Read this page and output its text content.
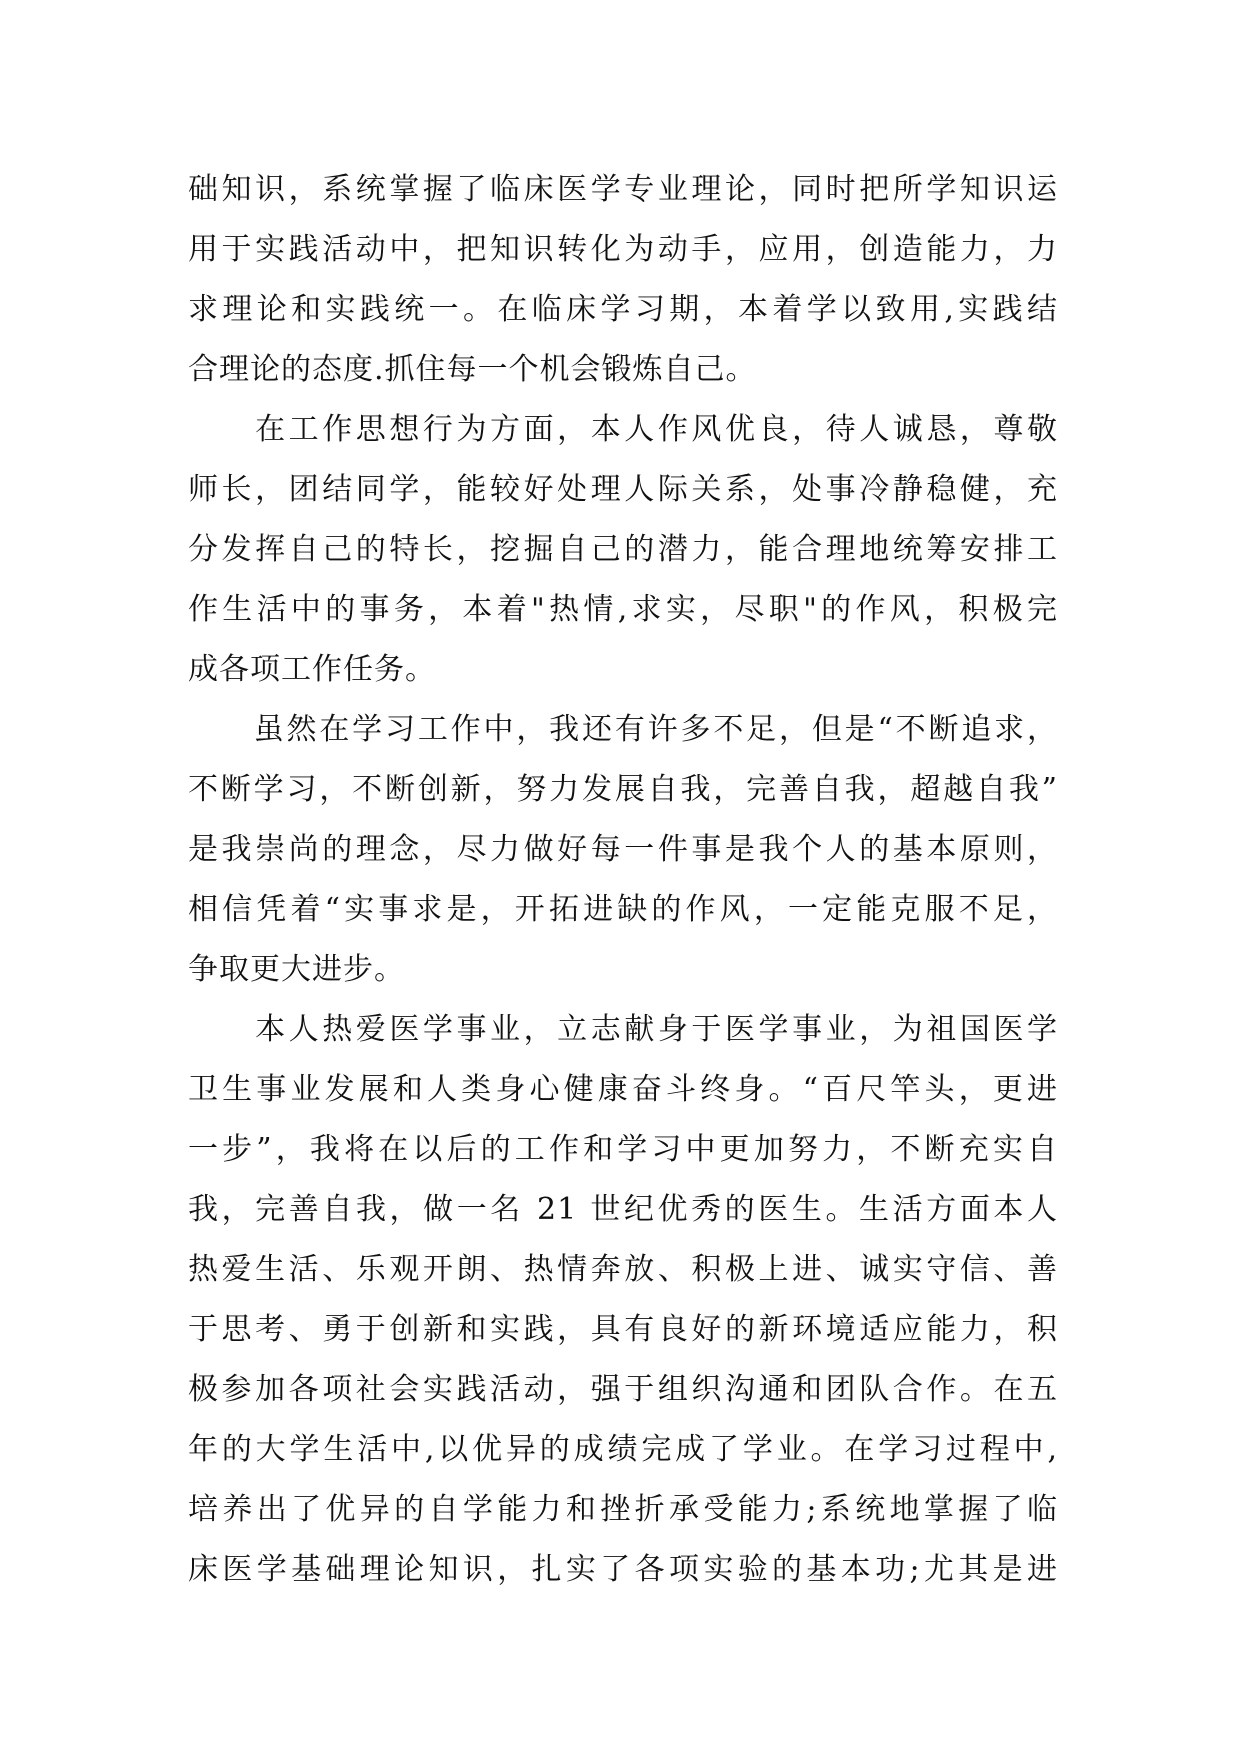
础知识，系统掌握了临床医学专业理论，同时把所学知识运
用于实践活动中，把知识转化为动手，应用，创造能力，力
求理论和实践统一。在临床学习期，本着学以致用,实践结
合理论的态度.抓住每一个机会锻炼自己。
　　在工作思想行为方面，本人作风优良，待人诚恳，尊敬
师长，团结同学，能较好处理人际关系，处事冷静稳健，充
分发挥自己的特长，挖掘自己的潜力，能合理地统筹安排工
作生活中的事务，本着"热情,求实，尽职"的作风，积极完
成各项工作任务。
　　虽然在学习工作中，我还有许多不足，但是“不断追求，
不断学习，不断创新，努力发展自我，完善自我，超越自我”
是我崇尚的理念，尽力做好每一件事是我个人的基本原则，
相信凭着“实事求是，开拓进缺的作风，一定能克服不足，
争取更大进步。
　　本人热爱医学事业，立志献身于医学事业，为祖国医学
卫生事业发展和人类身心健康奋斗终身。“百尺竿头，更进
一步”，我将在以后的工作和学习中更加努力，不断充实自
我，完善自我，做一名 21 世纪优秀的医生。生活方面本人
热爱生活、乐观开朗、热情奔放、积极上进、诚实守信、善
于思考、勇于创新和实践，具有良好的新环境适应能力，积
极参加各项社会实践活动，强于组织沟通和团队合作。在五
年的大学生活中,以优异的成绩完成了学业。在学习过程中,
培养出了优异的自学能力和挫折承受能力;系统地掌握了临
床医学基础理论知识，扎实了各项实验的基本功;尤其是进
